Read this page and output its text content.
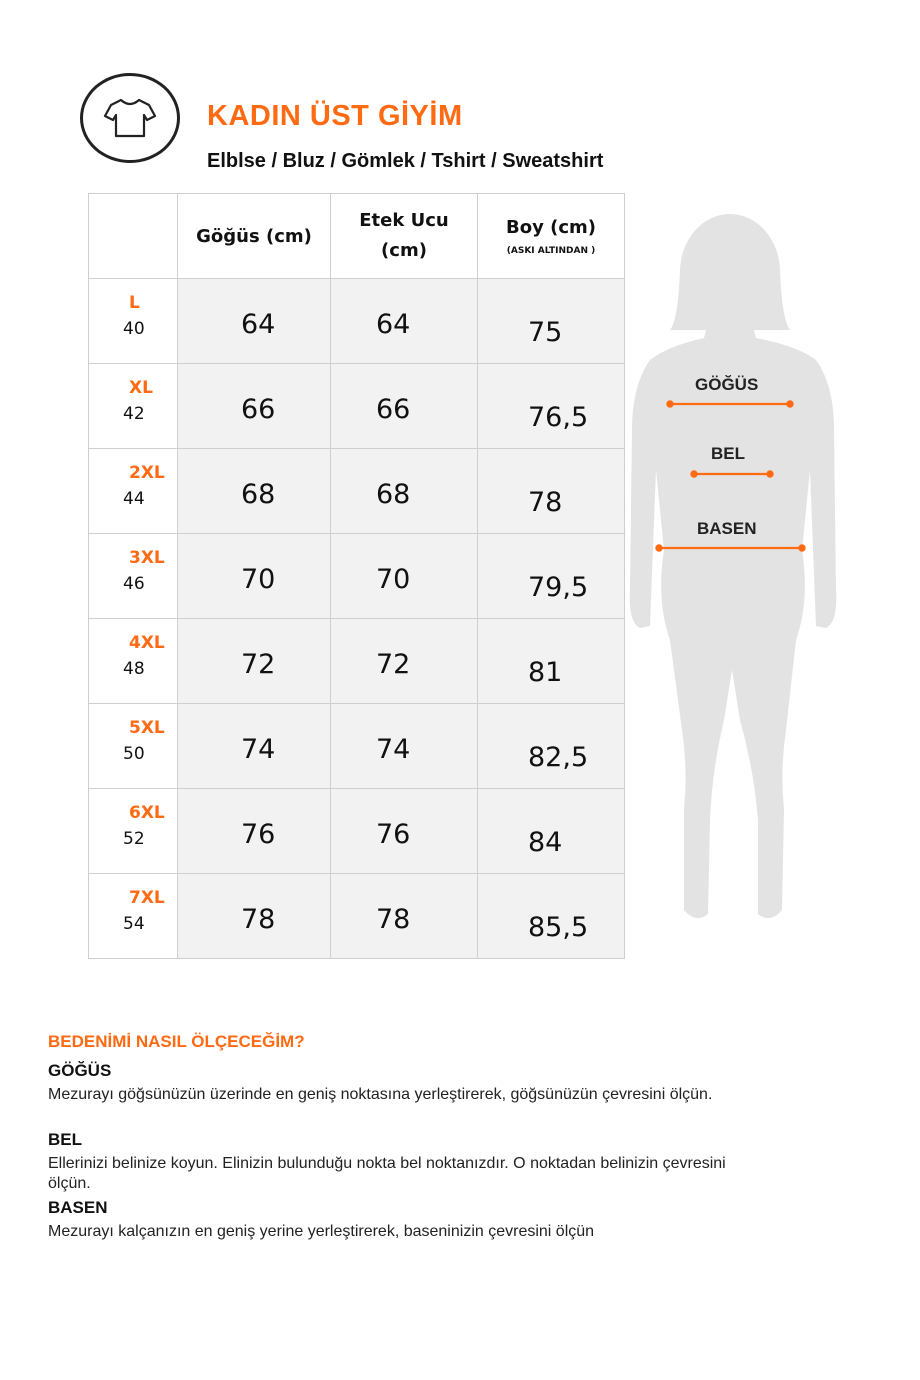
KADIN ÜST GİYİM
Elblse / Bluz / Gömlek / Tshirt / Sweatshirt
Beden	Göğüs (cm)	Etek Ucu (cm)	Boy (cm)
(ASKI ALTINDAN )

L
40	64	64	75

XL
42	66	66	76,5

2XL
44	68	68	78

3XL
46	70	70	79,5

4XL
48	72	72	81

5XL
50	74	74	82,5

6XL
52	76	76	84

7XL
54	78	78	85,5
GÖĞÜS
BEL
BASEN
BEDENİMİ NASIL ÖLÇECEĞİM?
GÖĞÜS
Mezurayı göğsünüzün üzerinde en geniş noktasına yerleştirerek, göğsünüzün çevresini ölçün.
BEL
Ellerinizi belinize koyun. Elinizin bulunduğu nokta bel noktanızdır. O noktadan belinizin çevresini ölçün.
BASEN
Mezurayı kalçanızın en geniş yerine yerleştirerek, baseninizin çevresini ölçün
